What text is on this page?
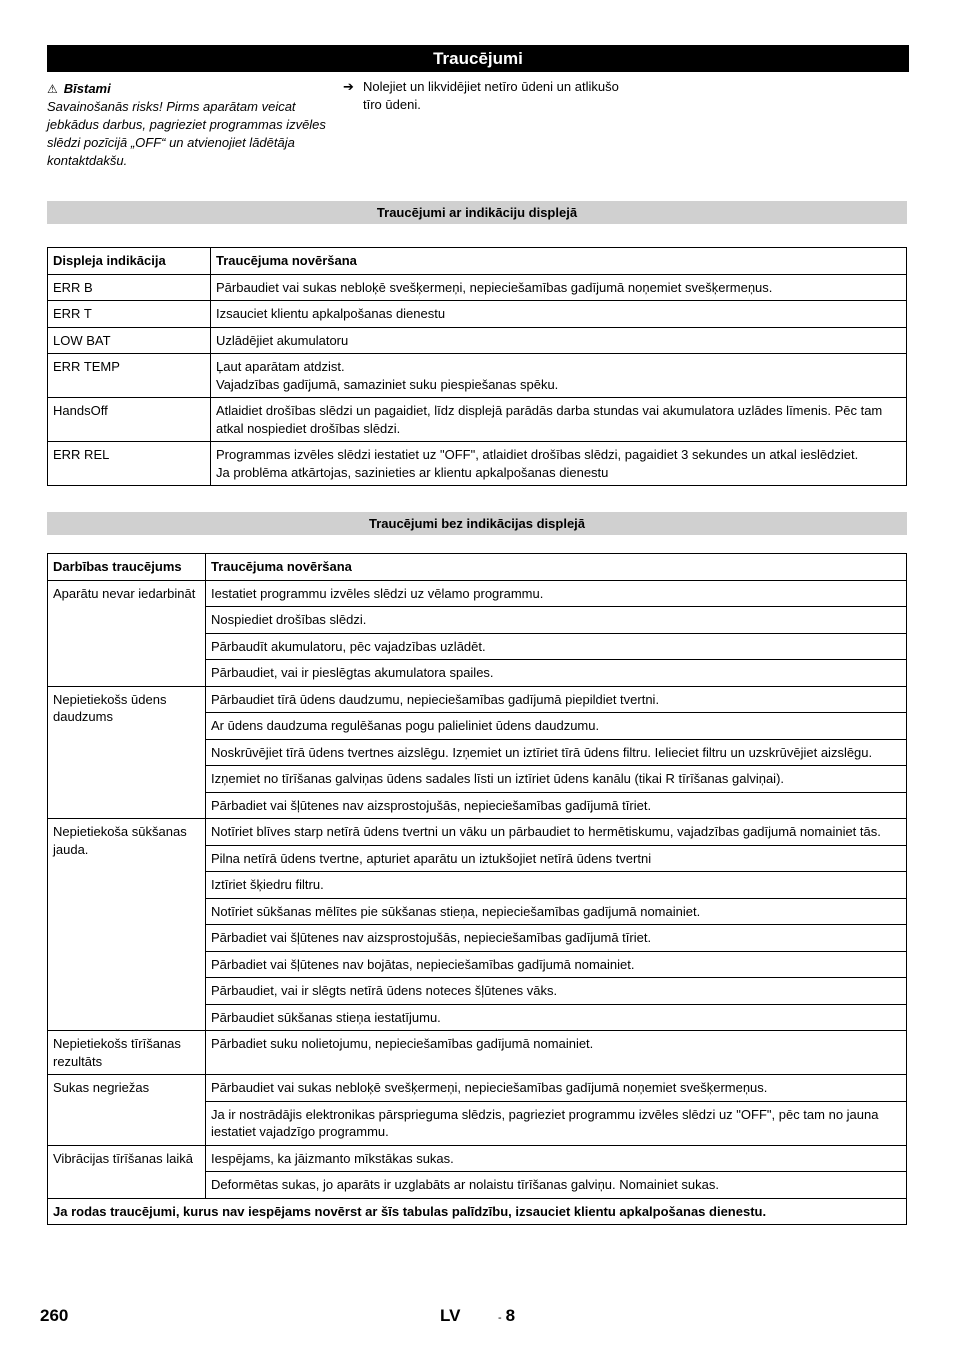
Traucējumi
⚠ Bīstami
Savainošanās risks! Pirms aparātam veicat jebkādus darbus, pagrieziet programmas izvēles slēdzi pozīcijā „OFF“ un atvienojiet lādētāja kontaktdakšu.
➔ Nolejiet un likvidējiet netīro ūdeni un atlikušo tīro ūdeni.
Traucējumi ar indikāciju displejā
Displeja indikācija	Traucējuma novēršana
ERR B	Pārbaudiet vai sukas nebloķē svešķermeņi, nepieciešamības gadījumā noņemiet svešķermeņus.
ERR T	Izsauciet klientu apkalpošanas dienestu
LOW BAT	Uzlādējiet akumulatoru
ERR TEMP	Ļaut aparātam atdzist.
Vajadzības gadījumā, samaziniet suku piespiešanas spēku.
HandsOff	Atlaidiet drošības slēdzi un pagaidiet, līdz displejā parādās darba stundas vai akumulatora uzlādes līmenis. Pēc tam atkal nospiediet drošības slēdzi.
ERR REL	Programmas izvēles slēdzi iestatiet uz "OFF", atlaidiet drošības slēdzi, pagaidiet 3 sekundes un atkal ieslēdziet.
Ja problēma atkārtojas, sazinieties ar klientu apkalpošanas dienestu
Traucējumi bez indikācijas displejā
Darbības traucējums	Traucējuma novēršana
Aparātu nevar iedarbināt	Iestatiet programmu izvēles slēdzi uz vēlamo programmu.
	Nospiediet drošības slēdzi.
	Pārbaudīt akumulatoru, pēc vajadzības uzlādēt.
	Pārbaudiet, vai ir pieslēgtas akumulatora spailes.
Nepietiekošs ūdens daudzums	Pārbaudiet tīrā ūdens daudzumu, nepieciešamības gadījumā piepildiet tvertni.
	Ar ūdens daudzuma regulēšanas pogu palieliniet ūdens daudzumu.
	Noskrūvējiet tīrā ūdens tvertnes aizslēgu. Izņemiet un iztīriet tīrā ūdens filtru. Ielieciet filtru un uzskrūvējiet aizslēgu.
	Izņemiet no tīrīšanas galviņas ūdens sadales līsti un iztīriet ūdens kanālu (tikai R tīrīšanas galviņai).
	Pārbadiet vai šļūtenes nav aizsprostojušās, nepieciešamības gadījumā tīriet.
Nepietiekoša sūkšanas jauda.	Notīriet blīves starp netīrā ūdens tvertni un vāku un pārbaudiet to hermētiskumu, vajadzības gadījumā nomainiet tās.
	Pilna netīrā ūdens tvertne, apturiet aparātu un iztukšojiet netīrā ūdens tvertni
	Iztīriet šķiedru filtru.
	Notīriet sūkšanas mēlītes pie sūkšanas stieņa, nepieciešamības gadījumā nomainiet.
	Pārbadiet vai šļūtenes nav aizsprostojušās, nepieciešamības gadījumā tīriet.
	Pārbadiet vai šļūtenes nav bojātas, nepieciešamības gadījumā nomainiet.
	Pārbaudiet, vai ir slēgts netīrā ūdens noteces šļūtenes vāks.
	Pārbaudiet sūkšanas stieņa iestatījumu.
Nepietiekošs tīrīšanas rezultāts	Pārbadiet suku nolietojumu, nepieciešamības gadījumā nomainiet.
Sukas negriežas	Pārbaudiet vai sukas nebloķē svešķermeņi, nepieciešamības gadījumā noņemiet svešķermeņus.
	Ja ir nostrādājis elektronikas pārsprieguma slēdzis, pagrieziet programmu izvēles slēdzi uz "OFF", pēc tam no jauna iestatiet vajadzīgo programmu.
Vibrācijas tīrīšanas laikā	Iespējams, ka jāizmanto mīkstākas sukas.
	Deformētas sukas, jo aparāts ir uzglabāts ar nolaistu tīrīšanas galviņu. Nomainiet sukas.
Ja rodas traucējumi, kurus nav iespējams novērst ar šīs tabulas palīdzību, izsauciet klientu apkalpošanas dienestu.	
260	LV	- 8
